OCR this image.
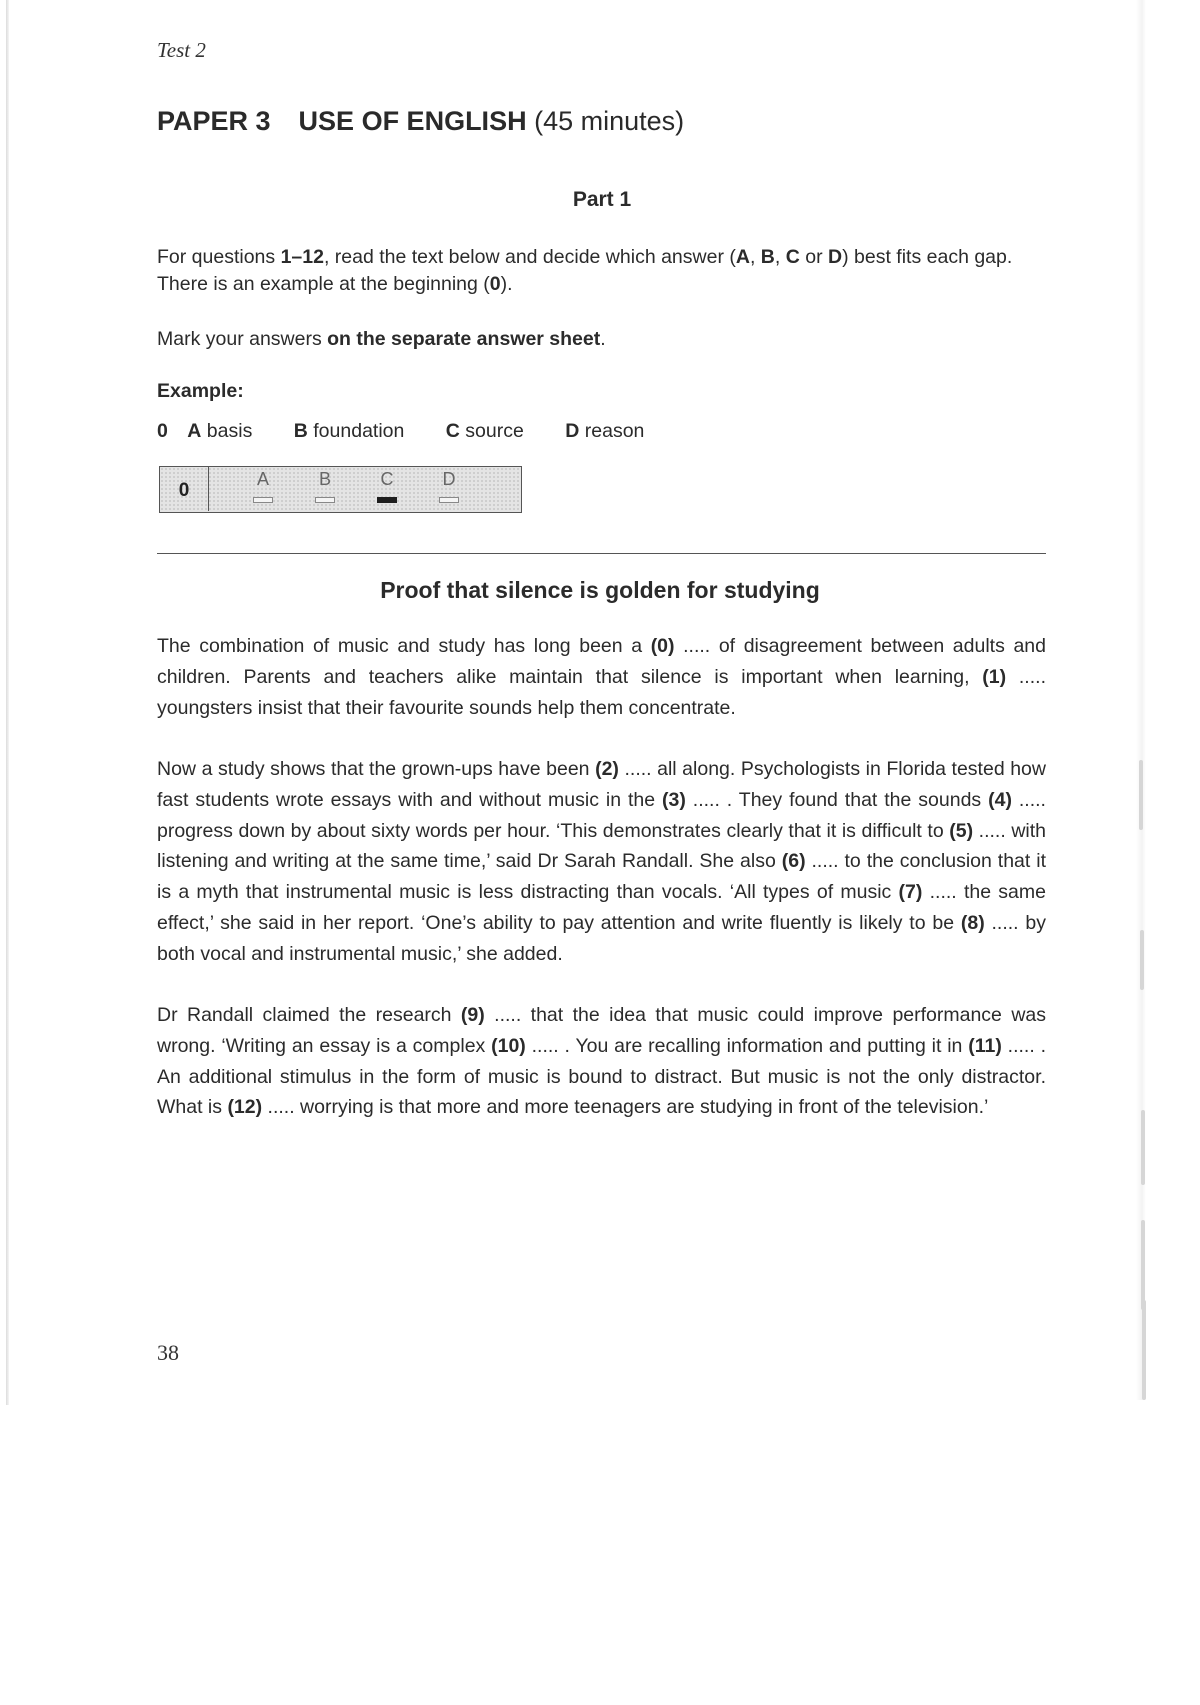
Test 2
PAPER 3 USE OF ENGLISH (45 minutes)
Part 1
For questions 1–12, read the text below and decide which answer (A, B, C or D) best fits each gap.
There is an example at the beginning (0).
Mark your answers on the separate answer sheet.
Example:
0 A basis B foundation C source D reason
0
A	B	C	D
Proof that silence is golden for studying
The combination of music and study has long been a (0) ..... of disagreement between adults and children. Parents and teachers alike maintain that silence is important when learning, (1) ..... youngsters insist that their favourite sounds help them concentrate.
Now a study shows that the grown-ups have been (2) ..... all along. Psychologists in Florida tested how fast students wrote essays with and without music in the (3) ..... . They found that the sounds (4) ..... progress down by about sixty words per hour. ‘This demonstrates clearly that it is difficult to (5) ..... with listening and writing at the same time,’ said Dr Sarah Randall. She also (6) ..... to the conclusion that it is a myth that instrumental music is less distracting than vocals. ‘All types of music (7) ..... the same effect,’ she said in her report. ‘One’s ability to pay attention and write fluently is likely to be (8) ..... by both vocal and instrumental music,’ she added.
Dr Randall claimed the research (9) ..... that the idea that music could improve performance was wrong. ‘Writing an essay is a complex (10) ..... . You are recalling information and putting it in (11) ..... . An additional stimulus in the form of music is bound to distract. But music is not the only distractor. What is (12) ..... worrying is that more and more teenagers are studying in front of the television.’
38
